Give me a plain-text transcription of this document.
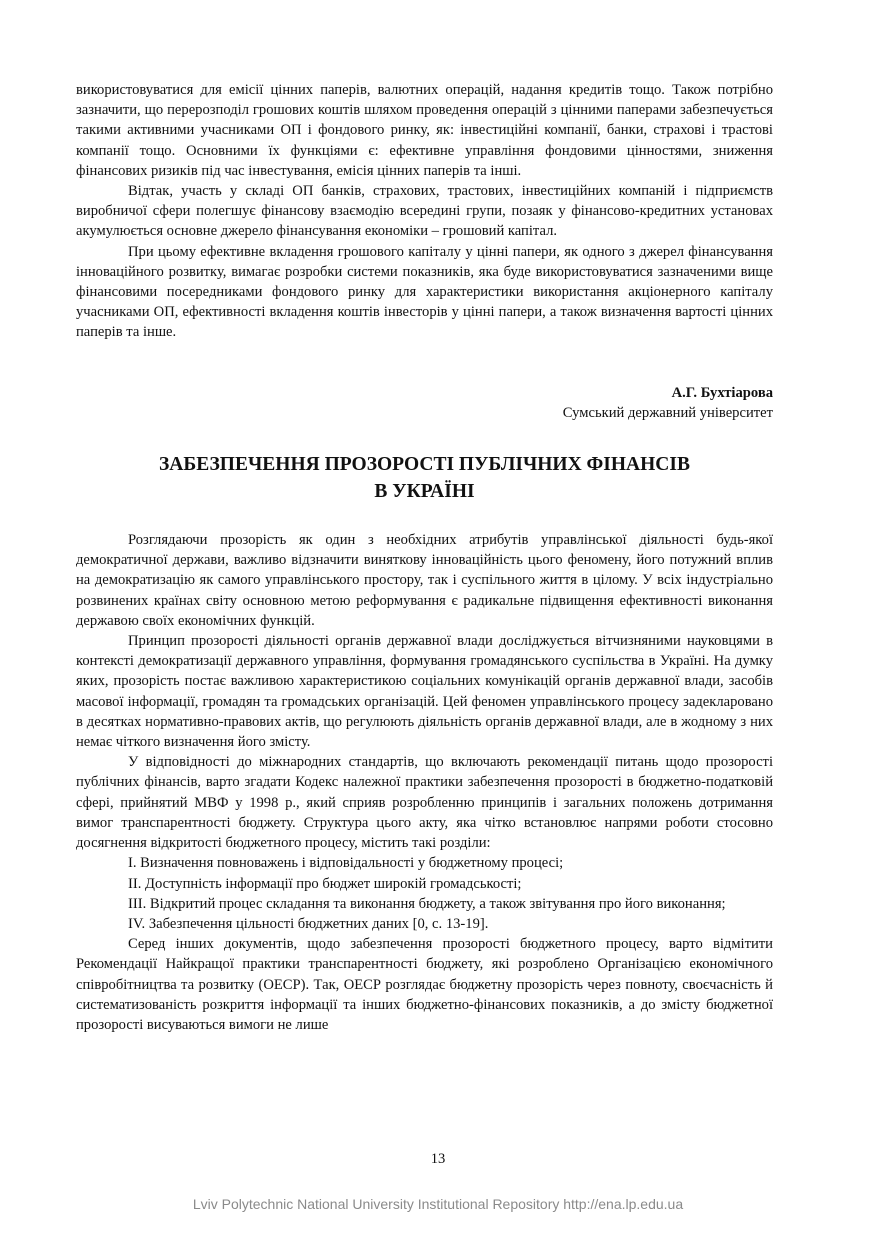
використовуватися для емісії цінних паперів, валютних операцій, надання кредитів тощо. Також потрібно зазначити, що перерозподіл грошових коштів шляхом проведення операцій з цінними паперами забезпечується такими активними учасниками ОП і фондового ринку, як: інвестиційні компанії, банки, страхові і трастові компанії тощо. Основними їх функціями є: ефективне управління фондовими цінностями, зниження фінансових ризиків під час інвестування, емісія цінних паперів та інші.

Відтак, участь у складі ОП банків, страхових, трастових, інвестиційних компаній і підприємств виробничої сфери полегшує фінансову взаємодію всередині групи, позаяк у фінансово-кредитних установах акумулюється основне джерело фінансування економіки – грошовий капітал.

При цьому ефективне вкладення грошового капіталу у цінні папери, як одного з джерел фінансування інноваційного розвитку, вимагає розробки системи показників, яка буде використовуватися зазначеними вище фінансовими посередниками фондового ринку для характеристики використання акціонерного капіталу учасниками ОП, ефективності вкладення коштів інвесторів у цінні папери, а також визначення вартості цінних паперів та інше.

А.Г. Бухтіарова

Сумський державний університет

ЗАБЕЗПЕЧЕННЯ ПРОЗОРОСТІ ПУБЛІЧНИХ ФІНАНСІВ
В УКРАЇНІ

Розглядаючи прозорість як один з необхідних атрибутів управлінської діяльності будь-якої демократичної держави, важливо відзначити виняткову інноваційність цього феномену, його потужний вплив на демократизацію як самого управлінського простору, так і суспільного життя в цілому. У всіх індустріально розвинених країнах світу основною метою реформування є радикальне підвищення ефективності виконання державою своїх економічних функцій.

Принцип прозорості діяльності органів державної влади досліджується вітчизняними науковцями в контексті демократизації державного управління, формування громадянського суспільства в Україні. На думку яких, прозорість постає важливою характеристикою соціальних комунікацій органів державної влади, засобів масової інформації, громадян та громадських організацій. Цей феномен управлінського процесу задекларовано в десятках нормативно-правових актів, що регулюють діяльність органів державної влади, але в жодному з них немає чіткого визначення його змісту.

У відповідності до міжнародних стандартів, що включають рекомендації питань щодо прозорості публічних фінансів, варто згадати Кодекс належної практики забезпечення прозорості в бюджетно-податковій сфері, прийнятий МВФ у 1998 р., який сприяв розробленню принципів і загальних положень дотримання вимог транспарентності бюджету. Структура цього акту, яка чітко встановлює напрями роботи стосовно досягнення відкритості бюджетного процесу, містить такі розділи:

I. Визначення повноважень і відповідальності у бюджетному процесі;

II. Доступність інформації про бюджет широкій громадськості;

III. Відкритий процес складання та виконання бюджету, а також звітування про його виконання;

IV. Забезпечення цільності бюджетних даних [0, с. 13-19].

Серед інших документів, щодо забезпечення прозорості бюджетного процесу, варто відмітити Рекомендації Найкращої практики транспарентності бюджету, які розроблено Організацією економічного співробітництва та розвитку (ОЕСР). Так, ОЕСР розглядає бюджетну прозорість через повноту, своєчасність й систематизованість розкриття інформації та інших бюджетно-фінансових показників, а до змісту бюджетної прозорості висуваються вимоги не лише

13
Lviv Polytechnic National University Institutional Repository http://ena.lp.edu.ua
